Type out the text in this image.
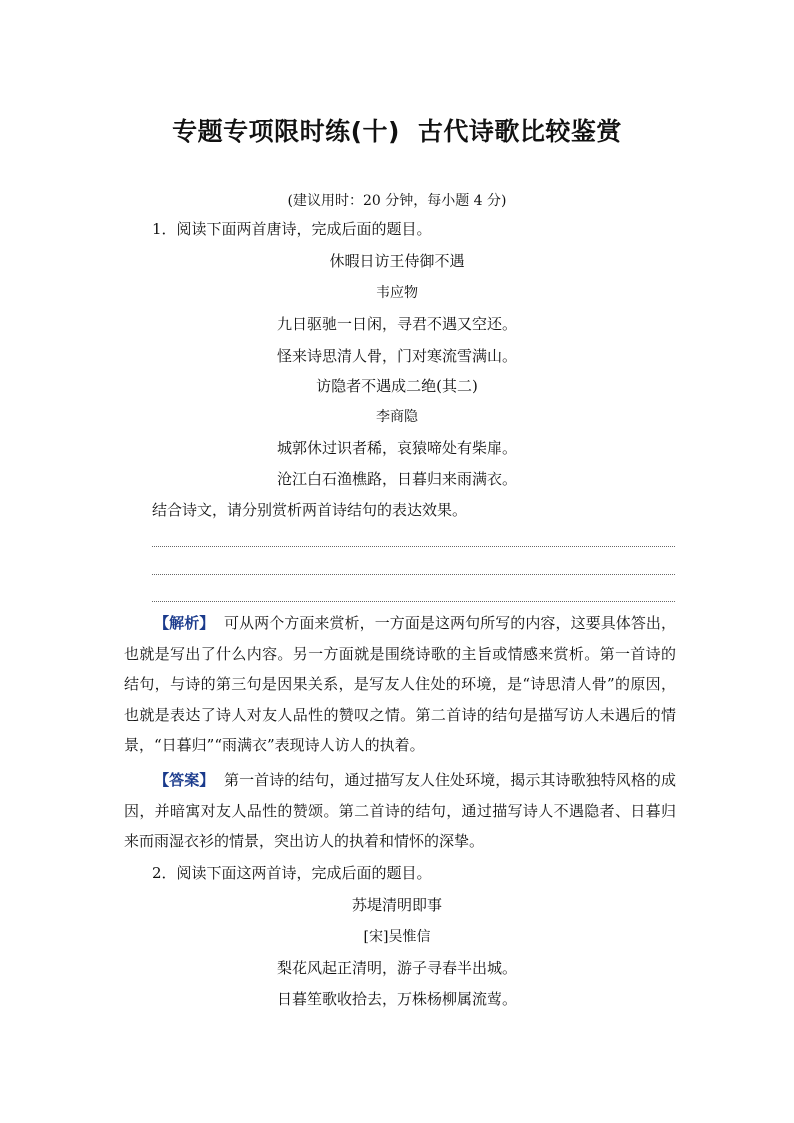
专题专项限时练(十) 古代诗歌比较鉴赏
(建议用时：20 分钟，每小题 4 分)
1．阅读下面两首唐诗，完成后面的题目。
休暇日访王侍御不遇
韦应物
九日驱驰一日闲，寻君不遇又空还。
怪来诗思清人骨，门对寒流雪满山。
访隐者不遇成二绝(其二)
李商隐
城郭休过识者稀，哀猿啼处有柴扉。
沧江白石渔樵路，日暮归来雨满衣。
结合诗文，请分别赏析两首诗结句的表达效果。
【解析】 可从两个方面来赏析，一方面是这两句所写的内容，这要具体答出，也就是写出了什么内容。另一方面就是围绕诗歌的主旨或情感来赏析。第一首诗的结句，与诗的第三句是因果关系，是写友人住处的环境，是“诗思清人骨”的原因，也就是表达了诗人对友人品性的赞叹之情。第二首诗的结句是描写访人未遇后的情景，“日暮归”“雨满衣”表现诗人访人的执着。
【答案】 第一首诗的结句，通过描写友人住处环境，揭示其诗歌独特风格的成因，并暗寓对友人品性的赞颂。第二首诗的结句，通过描写诗人不遇隐者、日暮归来而雨湿衣衫的情景，突出访人的执着和情怀的深挚。
2．阅读下面这两首诗，完成后面的题目。
苏堤清明即事
[宋]吴惟信
梨花风起正清明，游子寻春半出城。
日暮笙歌收拾去，万株杨柳属流莺。
